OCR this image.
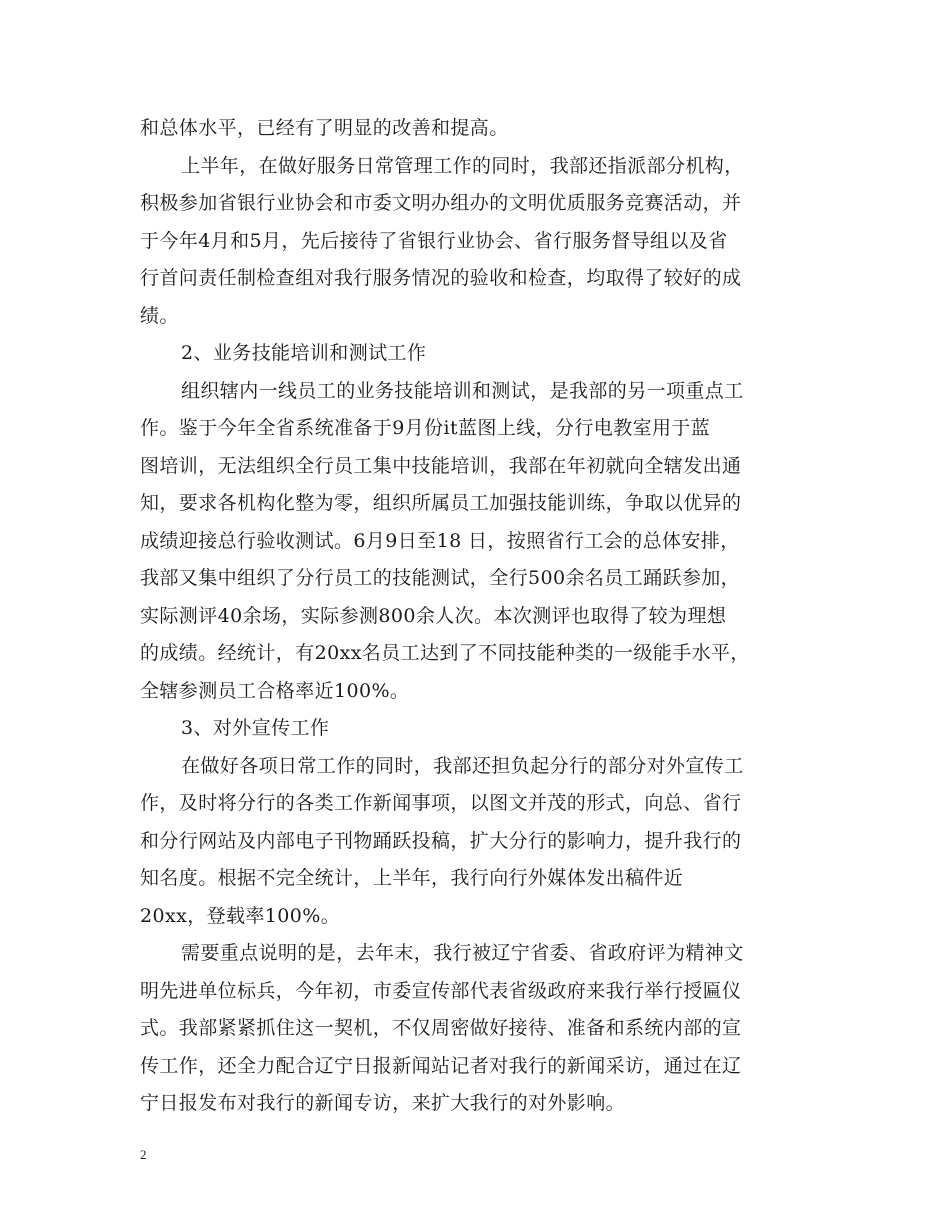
和总体水平，已经有了明显的改善和提高。
上半年，在做好服务日常管理工作的同时，我部还指派部分机构，
积极参加省银行业协会和市委文明办组办的文明优质服务竞赛活动，并
于今年4月和5月，先后接待了省银行业协会、省行服务督导组以及省
行首问责任制检查组对我行服务情况的验收和检查，均取得了较好的成
绩。
2、业务技能培训和测试工作
组织辖内一线员工的业务技能培训和测试，是我部的另一项重点工
作。鉴于今年全省系统准备于9月份it蓝图上线，分行电教室用于蓝
图培训，无法组织全行员工集中技能培训，我部在年初就向全辖发出通
知，要求各机构化整为零，组织所属员工加强技能训练，争取以优异的
成绩迎接总行验收测试。6月9日至18 日，按照省行工会的总体安排，
我部又集中组织了分行员工的技能测试，全行500余名员工踊跃参加，
实际测评40余场，实际参测800余人次。本次测评也取得了较为理想
的成绩。经统计，有20xx名员工达到了不同技能种类的一级能手水平，
全辖参测员工合格率近100%。
3、对外宣传工作
在做好各项日常工作的同时，我部还担负起分行的部分对外宣传工
作，及时将分行的各类工作新闻事项，以图文并茂的形式，向总、省行
和分行网站及内部电子刊物踊跃投稿，扩大分行的影响力，提升我行的
知名度。根据不完全统计，上半年，我行向行外媒体发出稿件近
20xx，登载率100%。
需要重点说明的是，去年末，我行被辽宁省委、省政府评为精神文
明先进单位标兵，今年初，市委宣传部代表省级政府来我行举行授匾仪
式。我部紧紧抓住这一契机，不仅周密做好接待、准备和系统内部的宣
传工作，还全力配合辽宁日报新闻站记者对我行的新闻采访，通过在辽
宁日报发布对我行的新闻专访，来扩大我行的对外影响。
2
